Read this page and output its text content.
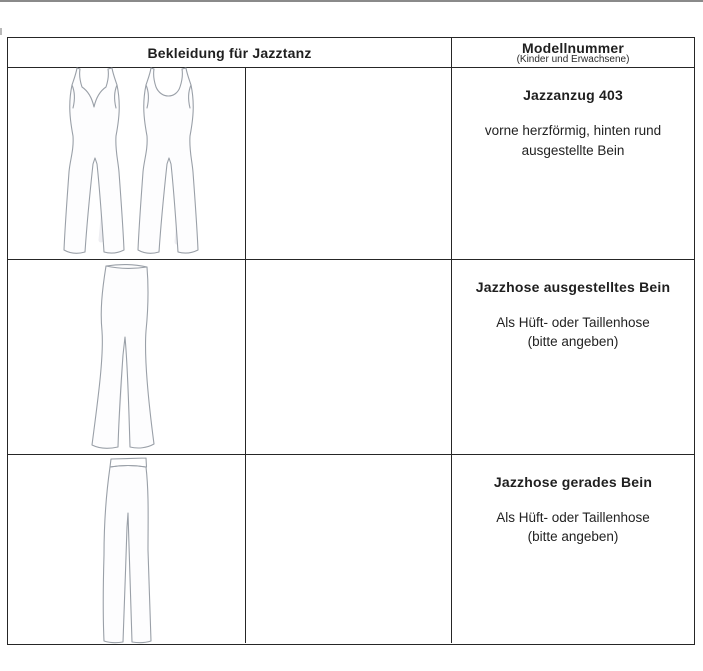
Bekleidung für Jazztanz	Modellnummer
(Kinder und Erwachsene)
Jazzanzug 403
vorne herzförmig, hinten rund
ausgestellte Bein
Jazzhose ausgestelltes Bein
Als Hüft- oder Taillenhose
(bitte angeben)
Jazzhose gerades Bein
Als Hüft- oder Taillenhose
(bitte angeben)
